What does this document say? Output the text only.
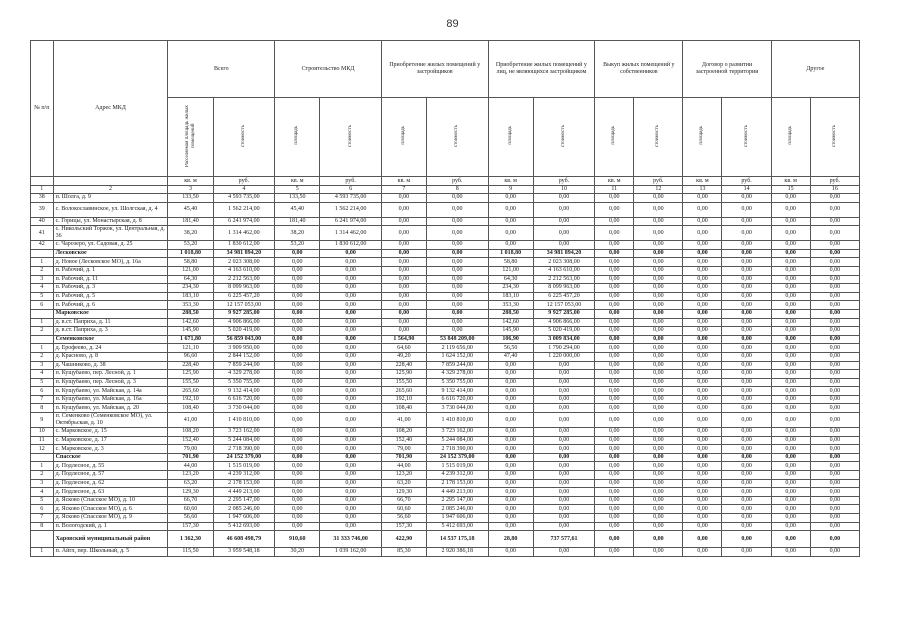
89
№ п/п	Адрес МКД	Всего		Строительство МКД		Приобретение жилых помещений у застройщиков		Приобретение жилых помещений у лиц, не являющихся застройщиком		Выкуп жилых помещений у собственников		Договор о развитии застроенной территории		Другое	
		Расселяемая площадь жилых помещений	стоимость	площадь	стоимость	площадь	стоимость	площадь	стоимость	площадь	стоимость	площадь	стоимость	площадь	стоимость
		кв. м	руб.	кв. м	руб.	кв. м	руб.	кв. м	руб.	кв. м	руб.	кв. м	руб.	кв. м	руб.
1	2	3	4	5	6	7	8	9	10	11	12	13	14	15	16
38	п. Шолга, д. 9	133,50	4 593 735,00	133,50	4 593 735,00	0,00	0,00	0,00	0,00	0,00	0,00	0,00	0,00	0,00	0,00
39	с. Волокославинское, ул. Шолгская, д. 4	45,40	1 562 214,00	45,40	1 562 214,00	0,00	0,00	0,00	0,00	0,00	0,00	0,00	0,00	0,00	0,00
40	с. Горицы, ул. Монастырская, д. 8	181,40	6 241 974,00	181,40	6 241 974,00	0,00	0,00	0,00	0,00	0,00	0,00	0,00	0,00	0,00	0,00
41	с. Никольский Торжок, ул. Центральная, д. 36	38,20	1 314 462,00	38,20	1 314 462,00	0,00	0,00	0,00	0,00	0,00	0,00	0,00	0,00	0,00	0,00
42	с. Чарозеро, ул. Садовая, д. 25	53,20	1 830 612,00	53,20	1 830 612,00	0,00	0,00	0,00	0,00	0,00	0,00	0,00	0,00	0,00	0,00
	Лесковское	1 018,80	34 981 894,20	0,00	0,00	0,00	0,00	1 018,80	34 981 894,20	0,00	0,00	0,00	0,00	0,00	0,00
1	д. Новое (Лесковское МО), д. 16а	58,80	2 023 308,00	0,00	0,00	0,00	0,00	58,80	2 023 308,00	0,00	0,00	0,00	0,00	0,00	0,00
2	п. Рабочий, д. 1	121,00	4 163 610,00	0,00	0,00	0,00	0,00	121,00	4 163 610,00	0,00	0,00	0,00	0,00	0,00	0,00
3	п. Рабочий, д. 11	64,30	2 212 563,00	0,00	0,00	0,00	0,00	64,30	2 212 563,00	0,00	0,00	0,00	0,00	0,00	0,00
4	п. Рабочий, д. 3	234,30	8 099 963,00	0,00	0,00	0,00	0,00	234,30	8 099 963,00	0,00	0,00	0,00	0,00	0,00	0,00
5	п. Рабочий, д. 5	183,10	6 225 457,20	0,00	0,00	0,00	0,00	183,10	6 225 457,20	0,00	0,00	0,00	0,00	0,00	0,00
6	п. Рабочий, д. 6	353,30	12 157 053,00	0,00	0,00	0,00	0,00	353,30	12 157 053,00	0,00	0,00	0,00	0,00	0,00	0,00
	Марковское	288,50	9 927 285,00	0,00	0,00	0,00	0,00	288,50	9 927 285,00	0,00	0,00	0,00	0,00	0,00	0,00
1	д. в.ст. Паприха, д. 11	142,60	4 906 866,00	0,00	0,00	0,00	0,00	142,60	4 906 866,00	0,00	0,00	0,00	0,00	0,00	0,00
2	д. в.ст. Паприха, д. 3	145,90	5 020 419,00	0,00	0,00	0,00	0,00	145,90	5 020 419,00	0,00	0,00	0,00	0,00	0,00	0,00
	Семенковское	1 671,80	56 859 043,00	0,00	0,00	1 564,90	53 848 209,00	106,90	3 009 834,00	0,00	0,00	0,00	0,00	0,00	0,00
1	д. Ерофеево, д. 24	121,10	3 909 950,00	0,00	0,00	64,60	2 119 656,00	56,50	1 790 294,00	0,00	0,00	0,00	0,00	0,00	0,00
2	д. Красново, д. 8	96,60	2 844 152,00	0,00	0,00	49,20	1 624 152,00	47,40	1 220 000,00	0,00	0,00	0,00	0,00	0,00	0,00
3	д. Чашниково, д. 38	228,40	7 859 244,00	0,00	0,00	228,40	7 859 244,00	0,00	0,00	0,00	0,00	0,00	0,00	0,00	0,00
4	п. Кущубаево, пер. Лесной, д. 1	125,90	4 329 278,00	0,00	0,00	125,90	4 329 278,00	0,00	0,00	0,00	0,00	0,00	0,00	0,00	0,00
5	п. Кущубаево, пер. Лесной, д. 3	155,50	5 350 755,00	0,00	0,00	155,50	5 350 755,00	0,00	0,00	0,00	0,00	0,00	0,00	0,00	0,00
6	п. Кущубаево, ул. Майская, д. 14а	265,60	9 132 414,00	0,00	0,00	265,60	9 132 414,00	0,00	0,00	0,00	0,00	0,00	0,00	0,00	0,00
7	п. Кущубаево, ул. Майская, д. 16а	192,10	6 616 720,00	0,00	0,00	192,10	6 616 720,00	0,00	0,00	0,00	0,00	0,00	0,00	0,00	0,00
8	п. Кущубаево, ул. Майская, д. 20	108,40	3 730 044,00	0,00	0,00	108,40	3 730 044,00	0,00	0,00	0,00	0,00	0,00	0,00	0,00	0,00
9	п. Семенково (Семенковское МО), ул. Октябрьская, д. 10	41,00	1 410 810,00	0,00	0,00	41,00	1 410 810,00	0,00	0,00	0,00	0,00	0,00	0,00	0,00	0,00
10	с. Марковское, д. 15	108,20	3 723 162,00	0,00	0,00	108,20	3 723 162,00	0,00	0,00	0,00	0,00	0,00	0,00	0,00	0,00
11	с. Марковское, д. 17	152,40	5 244 084,00	0,00	0,00	152,40	5 244 084,00	0,00	0,00	0,00	0,00	0,00	0,00	0,00	0,00
12	с. Марковское, д. 3	79,00	2 718 390,00	0,00	0,00	79,00	2 718 390,00	0,00	0,00	0,00	0,00	0,00	0,00	0,00	0,00
	Спасское	701,90	24 152 379,00	0,00	0,00	701,90	24 152 379,00	0,00	0,00	0,00	0,00	0,00	0,00	0,00	0,00
1	д. Подлесное, д. 55	44,00	1 515 019,00	0,00	0,00	44,00	1 515 019,00	0,00	0,00	0,00	0,00	0,00	0,00	0,00	0,00
2	д. Подлесное, д. 57	123,20	4 239 312,00	0,00	0,00	123,20	4 239 312,00	0,00	0,00	0,00	0,00	0,00	0,00	0,00	0,00
3	д. Подлесное, д. 62	63,20	2 178 153,00	0,00	0,00	63,20	2 178 153,00	0,00	0,00	0,00	0,00	0,00	0,00	0,00	0,00
4	д. Подлесное, д. 63	129,30	4 449 213,00	0,00	0,00	129,30	4 449 213,00	0,00	0,00	0,00	0,00	0,00	0,00	0,00	0,00
5	д. Ясково (Спасское МО), д. 10	66,70	2 295 147,00	0,00	0,00	66,70	2 295 147,00	0,00	0,00	0,00	0,00	0,00	0,00	0,00	0,00
6	д. Ясково (Спасское МО), д. 6	60,60	2 085 246,00	0,00	0,00	60,60	2 085 246,00	0,00	0,00	0,00	0,00	0,00	0,00	0,00	0,00
7	д. Ясково (Спасское МО), д. 9	56,60	1 947 606,00	0,00	0,00	56,60	1 947 606,00	0,00	0,00	0,00	0,00	0,00	0,00	0,00	0,00
8	п. Вологодский, д. 1	157,30	5 412 693,00	0,00	0,00	157,30	5 412 693,00	0,00	0,00	0,00	0,00	0,00	0,00	0,00	0,00
	Харовский муниципальный район	1 362,30	46 608 498,79	910,60	31 333 746,00	422,90	14 537 175,18	28,80	737 577,61	0,00	0,00	0,00	0,00	0,00	0,00
1	п. Айгл, пер. Школьный, д. 5	115,50	3 959 548,18	30,20	1 039 162,00	85,30	2 920 386,18	0,00	0,00	0,00	0,00	0,00	0,00	0,00	0,00
